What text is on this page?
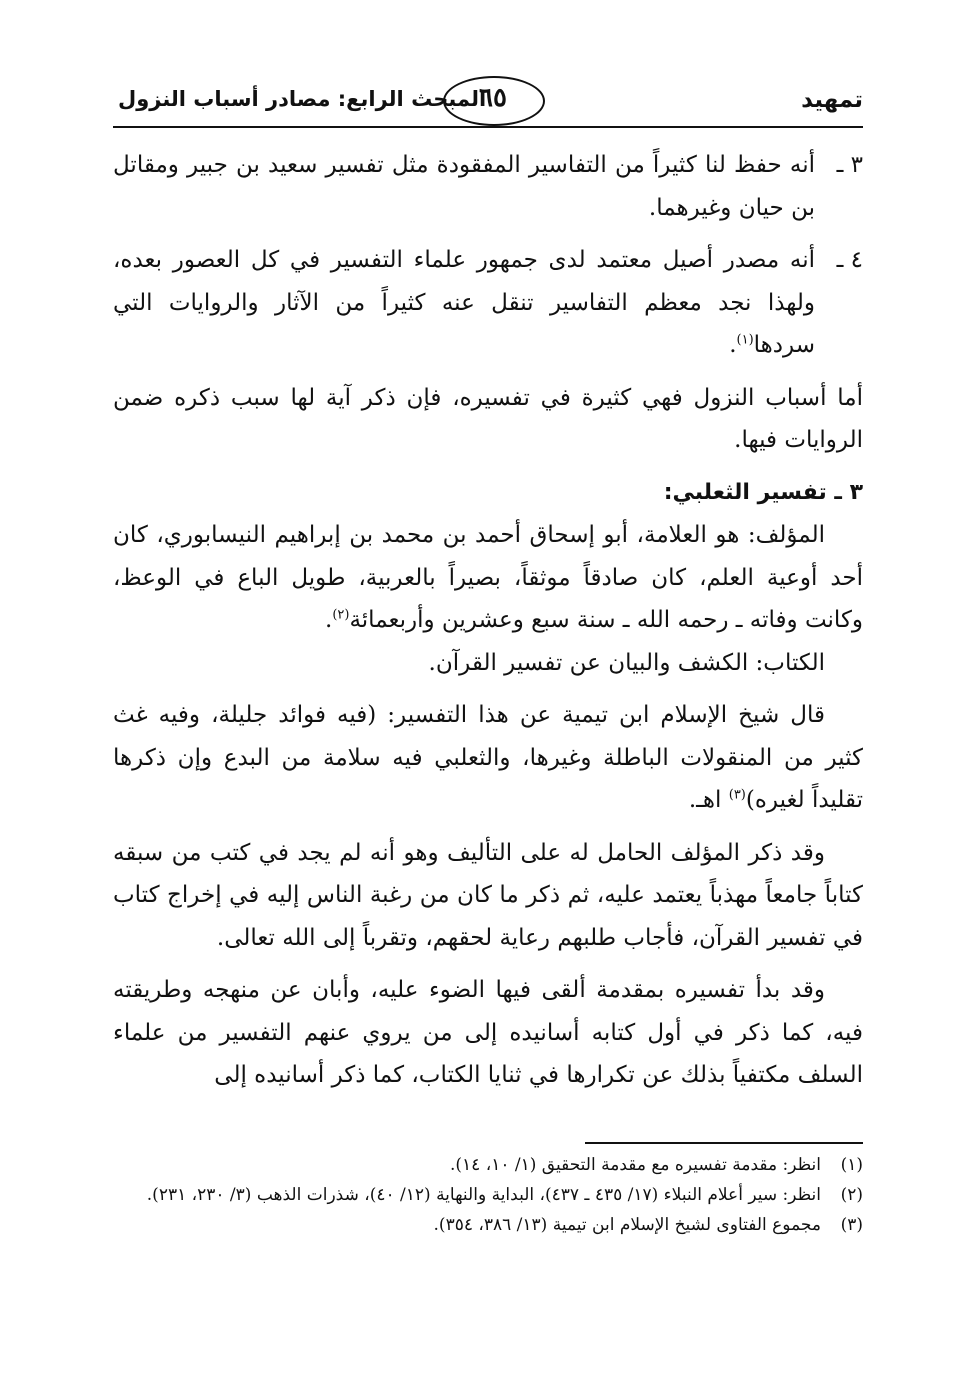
تمهيد
٦٥
المبحث الرابع: مصادر أسباب النزول
٣ ـ
أنه حفظ لنا كثيراً من التفاسير المفقودة مثل تفسير سعيد بن جبير ومقاتل بن حيان وغيرهما.
٤ ـ
أنه مصدر أصيل معتمد لدى جمهور علماء التفسير في كل العصور بعده، ولهذا نجد معظم التفاسير تنقل عنه كثيراً من الآثار والروايات التي سردها$^{(١)}$.

أما أسباب النزول فهي كثيرة في تفسيره، فإن ذكر آية لها سبب ذكره ضمن الروايات فيها.

٣ ـ تفسير الثعلبي:

المؤلف: هو العلامة، أبو إسحاق أحمد بن محمد بن إبراهيم النيسابوري، كان أحد أوعية العلم، كان صادقاً موثقاً، بصيراً بالعربية، طويل الباع في الوعظ، وكانت وفاته ـ رحمه الله ـ سنة سبع وعشرين وأربعمائة$^{(٢)}$.

الكتاب: الكشف والبيان عن تفسير القرآن.

قال شيخ الإسلام ابن تيمية عن هذا التفسير: (فيه فوائد جليلة، وفيه غث كثير من المنقولات الباطلة وغيرها، والثعلبي فيه سلامة من البدع وإن ذكرها تقليداً لغيره)$^{(٣)}$ اهـ.

وقد ذكر المؤلف الحامل له على التأليف وهو أنه لم يجد في كتب من سبقه كتاباً جامعاً مهذباً يعتمد عليه، ثم ذكر ما كان من رغبة الناس إليه في إخراج كتاب في تفسير القرآن، فأجاب طلبهم رعاية لحقهم، وتقرباً إلى الله تعالى.

وقد بدأ تفسيره بمقدمة ألقى فيها الضوء عليه، وأبان عن منهجه وطريقته فيه، كما ذكر في أول كتابه أسانيده إلى من يروي عنهم التفسير من علماء السلف مكتفياً بذلك عن تكرارها في ثنايا الكتاب، كما ذكر أسانيده إلى

(١)
انظر: مقدمة تفسيره مع مقدمة التحقيق (١/ ١٠، ١٤).
(٢)
انظر: سير أعلام النبلاء (١٧/ ٤٣٥ ـ ٤٣٧)، البداية والنهاية (١٢/ ٤٠)، شذرات الذهب (٣/ ٢٣٠، ٢٣١).
(٣)
مجموع الفتاوى لشيخ الإسلام ابن تيمية (١٣/ ٣٨٦، ٣٥٤).
